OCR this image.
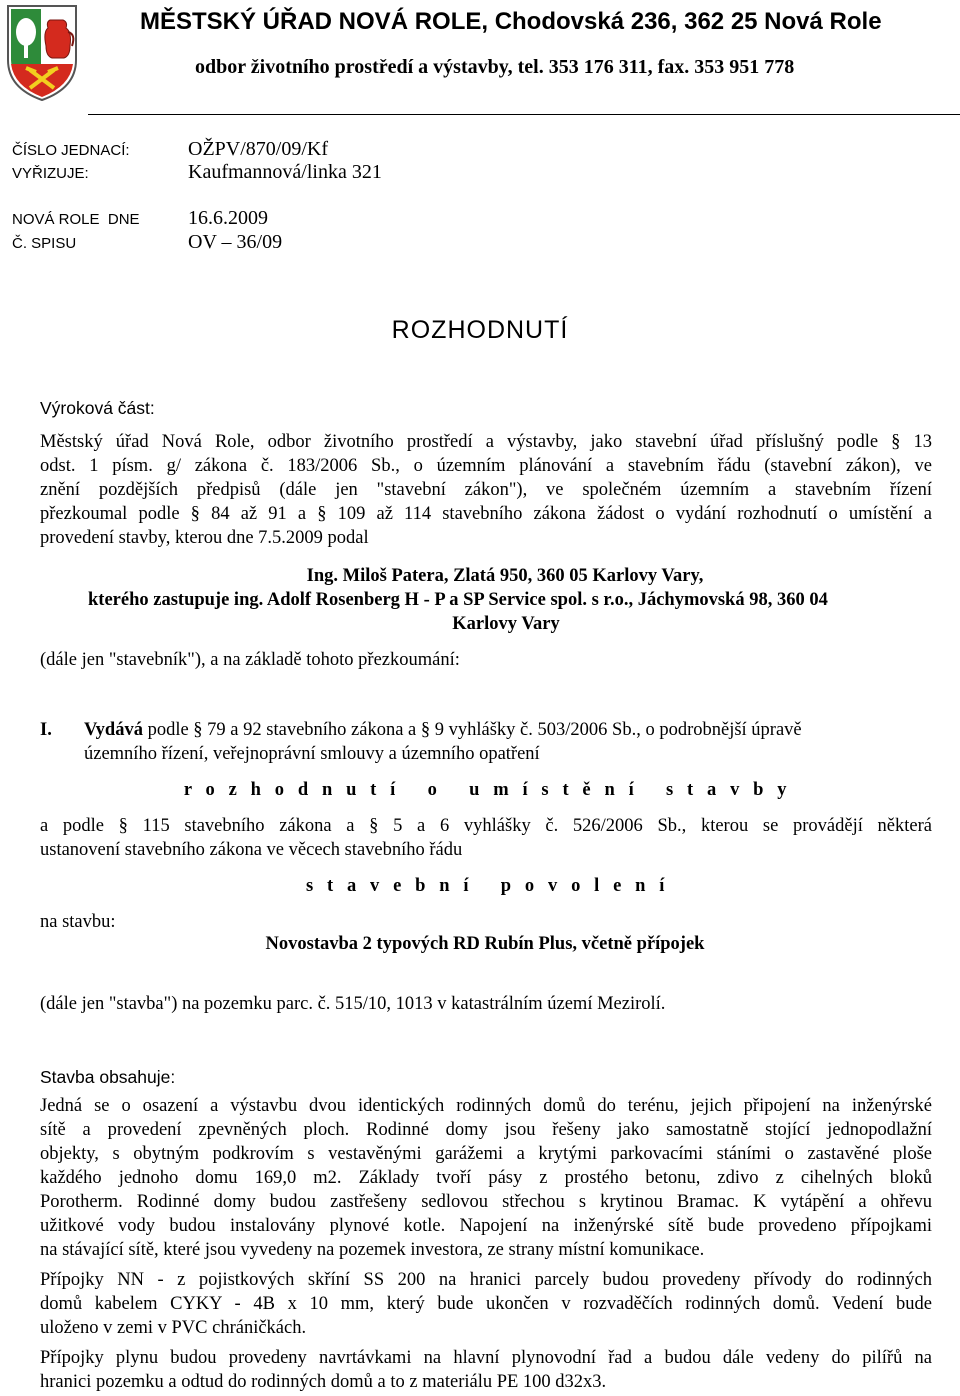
MĚSTSKÝ ÚŘAD NOVÁ ROLE, Chodovská 236, 362 25 Nová Role
odbor životního prostředí a výstavby, tel. 353 176 311, fax. 353 951 778
ČÍSLO JEDNACÍ:	OŽPV/870/09/Kf
VYŘIZUJE:	Kaufmannová/linka 321
NOVÁ ROLE  DNE 16.6.2009
Č. SPISU	OV – 36/09
ROZHODNUTÍ
Výroková část:
Městský úřad Nová Role, odbor životního prostředí a výstavby, jako stavební úřad příslušný podle § 13
odst. 1 písm. g/ zákona č. 183/2006 Sb., o územním plánování a stavebním řádu (stavební zákon), ve
znění pozdějších předpisů (dále jen "stavební zákon"), ve společném územním a stavebním řízení
přezkoumal podle § 84 až 91 a § 109 až 114 stavebního zákona žádost o vydání rozhodnutí o umístění a
provedení stavby, kterou dne 7.5.2009 podal
Ing. Miloš Patera, Zlatá 950, 360 05 Karlovy Vary,
kterého zastupuje ing. Adolf Rosenberg H - P a SP Service spol. s r.o., Jáchymovská 98, 360 04
Karlovy Vary
(dále jen "stavebník"), a na základě tohoto přezkoumání:
I. Vydává podle § 79 a 92 stavebního zákona a § 9 vyhlášky č. 503/2006 Sb., o podrobnější úpravě
územního řízení, veřejnoprávní smlouvy a územního opatření
r o z h o d n u t í   o   u m í s t ě n í   s t a v b y
a podle § 115 stavebního zákona a § 5 a 6 vyhlášky č. 526/2006 Sb., kterou se provádějí některá
ustanovení stavebního zákona ve věcech stavebního řádu
s t a v e b n í   p o v o l e n í
na stavbu:
Novostavba 2 typových RD Rubín Plus, včetně přípojek
(dále jen "stavba") na pozemku parc. č. 515/10, 1013 v katastrálním území Mezirolí.
Stavba obsahuje:
Jedná se o osazení a výstavbu dvou identických rodinných domů do terénu, jejich připojení na inženýrské
sítě a provedení zpevněných ploch. Rodinné domy jsou řešeny jako samostatně stojící jednopodlažní
objekty, s obytným podkrovím s vestavěnými garážemi a krytými parkovacími stáními o zastavěné ploše
každého jednoho domu 169,0 m2. Základy tvoří pásy z prostého betonu, zdivo z cihelných bloků
Porotherm. Rodinné domy budou zastřešeny sedlovou střechou s krytinou Bramac. K vytápění a ohřevu
užitkové vody budou instalovány plynové kotle. Napojení na inženýrské sítě bude provedeno přípojkami
na stávající sítě, které jsou vyvedeny na pozemek investora, ze strany místní komunikace.
Přípojky NN - z pojistkových skříní SS 200 na hranici parcely budou provedeny přívody do rodinných
domů kabelem CYKY - 4B x 10 mm, který bude ukončen v rozvaděčích rodinných domů. Vedení bude
uloženo v zemi v PVC chráničkách.
Přípojky plynu budou provedeny navrtávkami na hlavní plynovodní řad a budou dále vedeny do pilířů na
hranici pozemku a odtud do rodinných domů a to z materiálu PE 100 d32x3.
